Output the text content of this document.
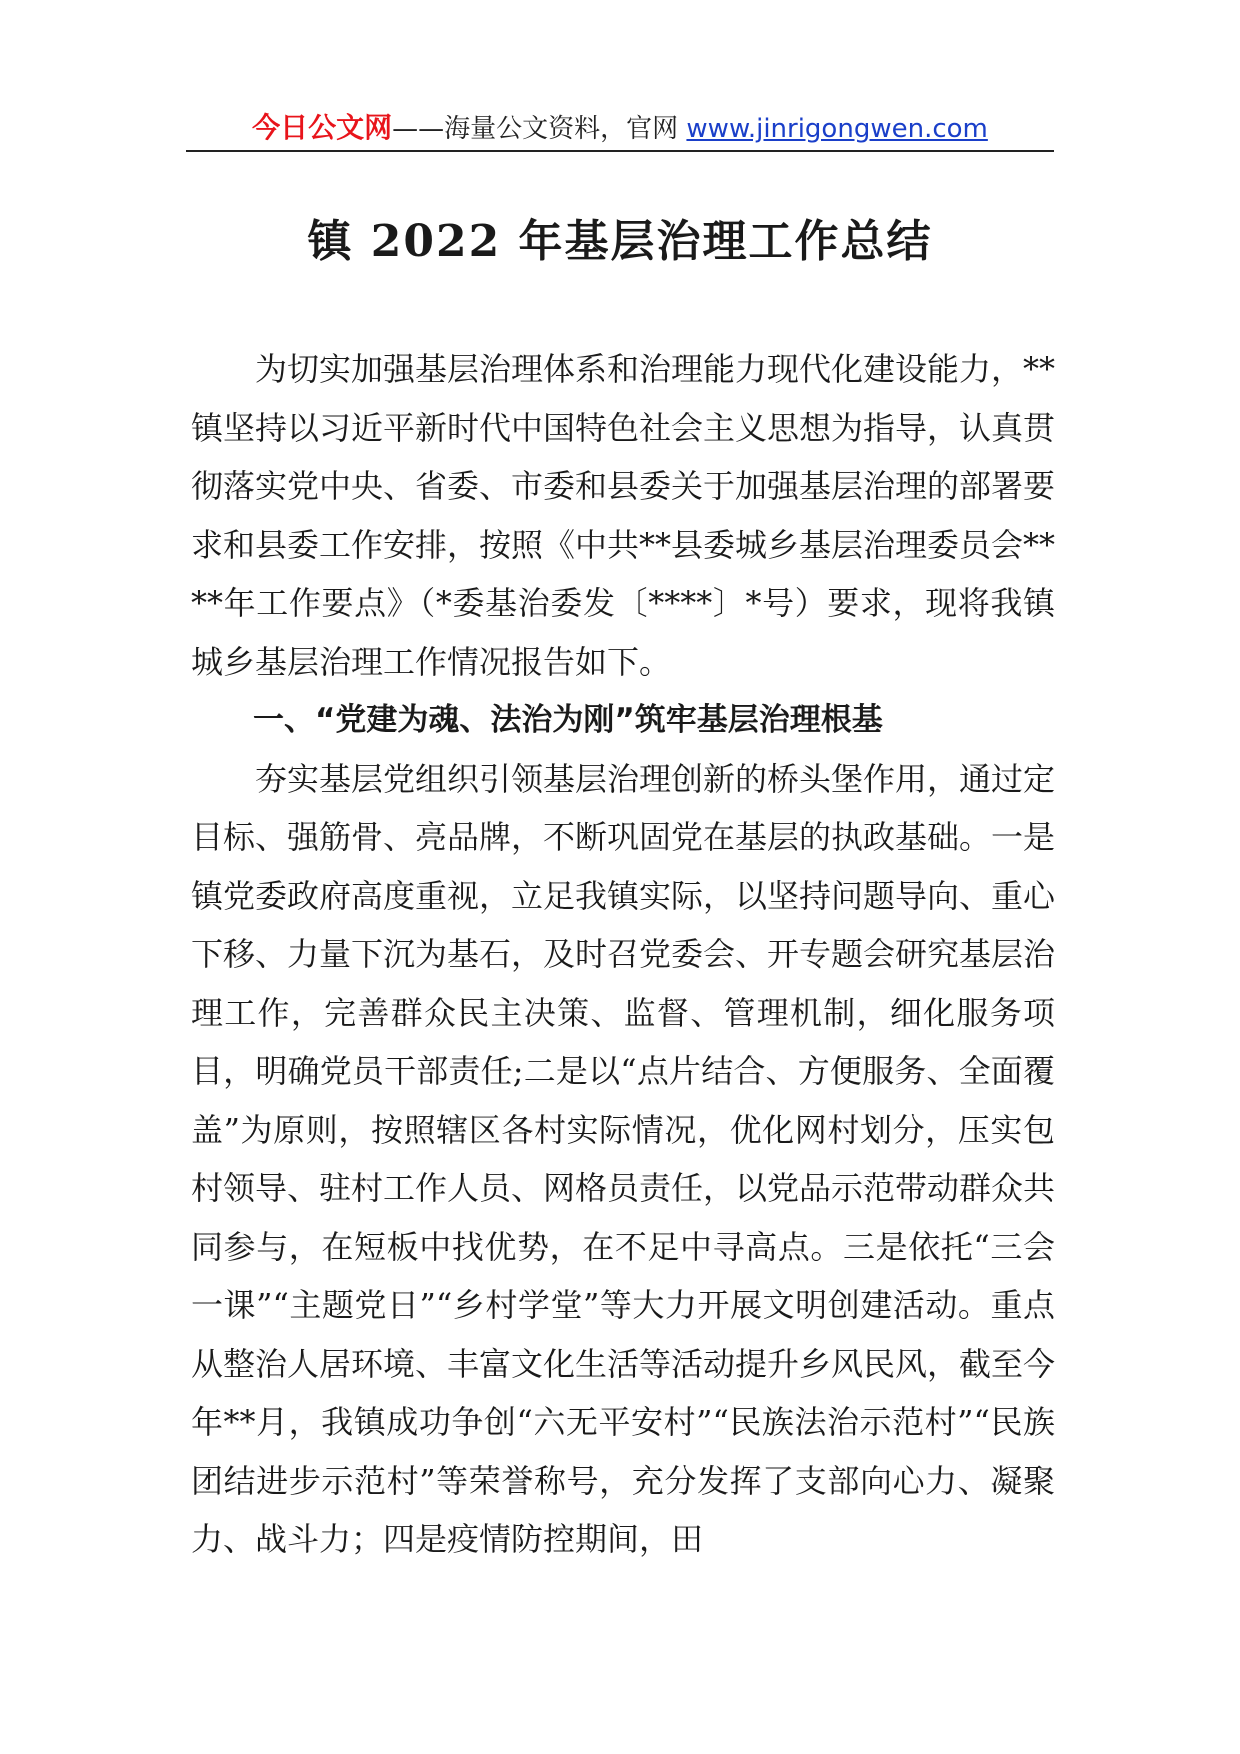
今日公文网——海量公文资料，官网 www.jinrigongwen.com
镇 2022 年基层治理工作总结

为切实加强基层治理体系和治理能力现代化建设能力，**镇坚持以习近平新时代中国特色社会主义思想为指导，认真贯彻落实党中央、省委、市委和县委关于加强基层治理的部署要求和县委工作安排，按照《中共**县委城乡基层治理委员会****年工作要点》（*委基治委发〔****〕*号）要求，现将我镇城乡基层治理工作情况报告如下。

一、“党建为魂、法治为刚”筑牢基层治理根基

夯实基层党组织引领基层治理创新的桥头堡作用，通过定目标、强筋骨、亮品牌，不断巩固党在基层的执政基础。一是镇党委政府高度重视，立足我镇实际，以坚持问题导向、重心下移、力量下沉为基石，及时召党委会、开专题会研究基层治理工作，完善群众民主决策、监督、管理机制，细化服务项目，明确党员干部责任;二是以“点片结合、方便服务、全面覆盖”为原则，按照辖区各村实际情况，优化网村划分，压实包村领导、驻村工作人员、网格员责任，以党品示范带动群众共同参与，在短板中找优势，在不足中寻高点。三是依托“三会一课”“主题党日”“乡村学堂”等大力开展文明创建活动。重点从整治人居环境、丰富文化生活等活动提升乡风民风，截至今年**月，我镇成功争创“六无平安村”“民族法治示范村”“民族团结进步示范村”等荣誉称号，充分发挥了支部向心力、凝聚力、战斗力；四是疫情防控期间，田
